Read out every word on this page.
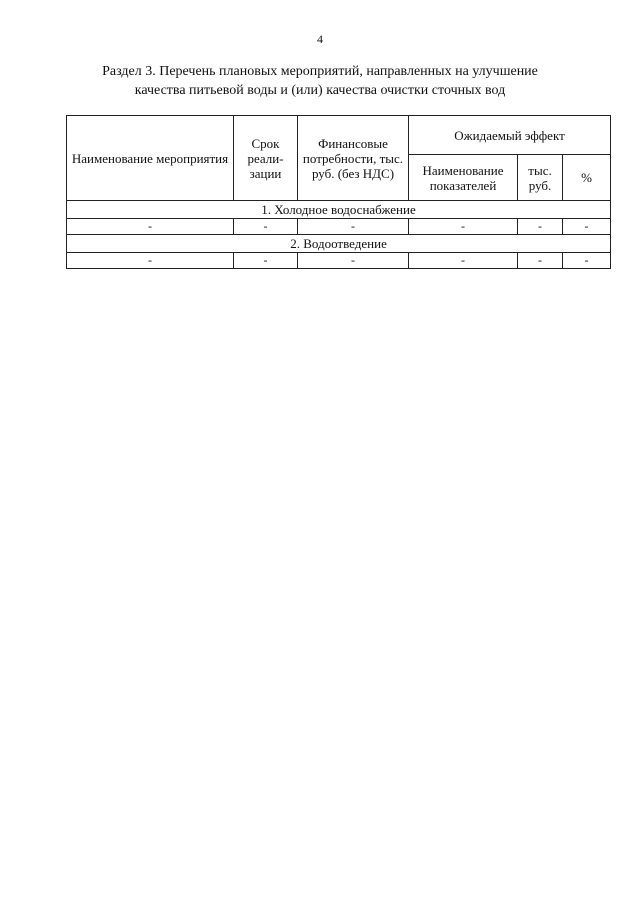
4
Раздел 3. Перечень плановых мероприятий, направленных на улучшение
качества питьевой воды и (или) качества очистки сточных вод
Наименование мероприятия	Срок реали-зации	Финансовые потребности, тыс. руб. (без НДС)	Ожидаемый эффект		
			Наименование показателей	тыс. руб.	%
1. Холодное водоснабжение					
-	-	-	-	-	-
2. Водоотведение					
-	-	-	-	-	-
